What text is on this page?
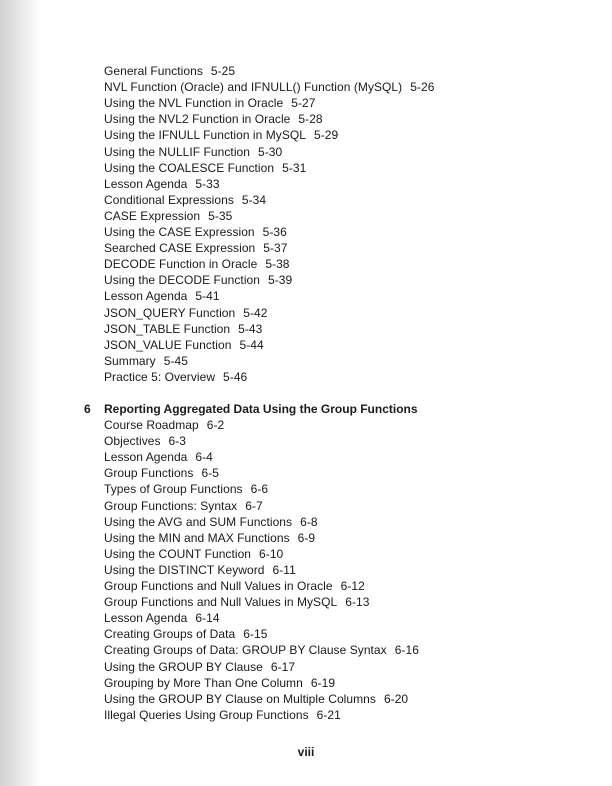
General Functions 5-25
NVL Function (Oracle) and IFNULL() Function (MySQL) 5-26
Using the NVL Function in Oracle 5-27
Using the NVL2 Function in Oracle 5-28
Using the IFNULL Function in MySQL 5-29
Using the NULLIF Function 5-30
Using the COALESCE Function 5-31
Lesson Agenda 5-33
Conditional Expressions 5-34
CASE Expression 5-35
Using the CASE Expression 5-36
Searched CASE Expression 5-37
DECODE Function in Oracle 5-38
Using the DECODE Function 5-39
Lesson Agenda 5-41
JSON_QUERY Function 5-42
JSON_TABLE Function 5-43
JSON_VALUE Function 5-44
Summary 5-45
Practice 5: Overview 5-46
6 Reporting Aggregated Data Using the Group Functions
Course Roadmap 6-2
Objectives 6-3
Lesson Agenda 6-4
Group Functions 6-5
Types of Group Functions 6-6
Group Functions: Syntax 6-7
Using the AVG and SUM Functions 6-8
Using the MIN and MAX Functions 6-9
Using the COUNT Function 6-10
Using the DISTINCT Keyword 6-11
Group Functions and Null Values in Oracle 6-12
Group Functions and Null Values in MySQL 6-13
Lesson Agenda 6-14
Creating Groups of Data 6-15
Creating Groups of Data: GROUP BY Clause Syntax 6-16
Using the GROUP BY Clause 6-17
Grouping by More Than One Column 6-19
Using the GROUP BY Clause on Multiple Columns 6-20
Illegal Queries Using Group Functions 6-21
viii
